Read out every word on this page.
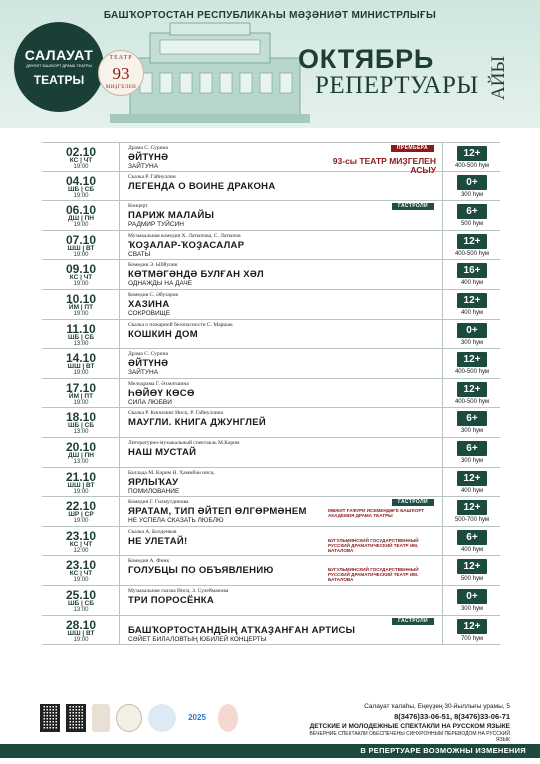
БАШҠОРТОСТАН РЕСПУБЛИКАҺЫ МӘҘӘНИӘТ МИНИСТРЛЫҒЫ
САЛАУАТ
ДӘҮЛӘТ БАШҠОРТ ДРАМА ТЕАТРЫ
ТЕАТРЫ
ТЕАТР
93
МИҘГЕЛЕН
ОКТЯБРЬ
РЕПЕРТУАРЫ АЙЫ
02.10
КС | ЧТ
19:00
Драма С. Сурина
ӘЙТҮНӘ
ЗАЙТУНА
ПРЕМЬЕРА
93-сы ТЕАТР МИҘГЕЛЕН АСЫУ
12+
400-500 һум
04.10
ШБ | СБ
19:00
Сказка Р. Гайнуллин
ЛЕГЕНДА О ВОИНЕ ДРАКОНА	0+
300 һум
06.10
ДШ | ПН
19:00
Концерт
ПАРИЖ МАЛАЙЫ
РАДМИР ТУЙСИН
ГАСТРОЛИ	6+
500 һум
07.10
ШШ | ВТ
19:00
Музыкальная комедия Х. Латыпова, С. Латыпов
ҠОҘАЛАР-ҠОҘАСАЛАР
СВАТЫ
12+
400-500 һум
09.10
КС | ЧТ
19:00
Комедия Э. Ыбйулин
КӨТМӘГӘНДӘ БУЛҒАН ХӘЛ
ОДНАЖДЫ НА ДАЧЕ
16+
400 һум
10.10
ЙМ | ПТ
19:00
Комедия С. Әбузаров
ХАЗИНА
СОКРОВИЩЕ
12+
400 һум
11.10
ШБ | СБ
13:00
Сказка о пожарной безопасности С. Маршак
КОШКИН ДОМ	0+
300 һум
14.10
ШШ | ВТ
19:00
Драма С. Сурина
ӘЙТҮНӘ
ЗАЙТУНА
12+
400-500 һум
17.10
ЙМ | ПТ
19:00
Мелодрама Г. Әхмәтшина
ҺӨЙӨҮ КӨСӨ
СИЛА ЛЮБВИ
12+
400-500 һум
18.10
ШБ | СБ
13:00
Сказка Р. Кипилинг Инсц. Р. Гайнуллина
МАУГЛИ. КНИГА ДЖУНГЛЕЙ	6+
300 һум
20.10
ДШ | ПН
13:00
Литературно-музыкальный спектакль М.Кәрим
НАШ МУСТАЙ	6+
300 һум
21.10
ШШ | ВТ
19:00
Баллада М. Кәрим Н. Хаммбан инсц.
ЯРЛЫҠАУ
ПОМИЛОВАНИЕ
12+
400 һум
22.10
ШР | СР
19:00
Комедия Г. Гилмутдинова
ЯРАТАМ, ТИП ӘЙТЕП ӨЛГӨРМӘНЕМ
НЕ УСПЕЛА СКАЗАТЬ ЛЮБЛЮ
ГАСТРОЛИ
МӘЖИТ ҒАФУРИ ИСЕМЕНДӘГЕ БАШҠОРТ АКАДЕМИЯ ДРАМА ТЕАТРЫ
12+
500-700 һум
23.10
КС | ЧТ
12:00
Сказка А. Болденков
НЕ УЛЕТАЙ!	БУГУЛЬМИНСКИЙ ГОСУДАРСТВЕННЫЙ РУССКИЙ ДРАМАТИЧЕСКИЙ ТЕАТР ИМ. БАТАЛОВА
6+
400 һум
23.10
КС | ЧТ
19:00
Комедия А. Финк
ГОЛУБЦЫ ПО ОБЪЯВЛЕНИЮ	БУГУЛЬМИНСКИЙ ГОСУДАРСТВЕННЫЙ РУССКИЙ ДРАМАТИЧЕСКИЙ ТЕАТР ИМ. БАТАЛОВА
12+
500 һум
25.10
ШБ | СБ
13:00
Музыкальная сказка Инсц. З. Сулейманова
ТРИ ПОРОСЁНКА	0+
300 һум
28.10
ШШ | ВТ
19:00
БАШҠОРТОСТАНДЫҢ АТҠАҘАНҒАН АРТИСЫ
СӘЙЕТ БИЛАЛОВТЫҢ ЮБИЛЕЙ КОНЦЕРТЫ
ГАСТРОЛИ	12+
700 һум
2025
Салауат ҡалаһы, Еңеүҙең 30-йыллығы урамы, 5
8(3476)33-06-51, 8(3476)33-06-71
ДЕТСКИЕ И МОЛОДЕЖНЫЕ СПЕКТАКЛИ НА РУССКОМ ЯЗЫКЕ
ВЕЧЕРНИЕ СПЕКТАКЛИ ОБЕСПЕЧЕНЫ СИНХРОННЫМ ПЕРЕВОДОМ НА РУССКИЙ ЯЗЫК
В РЕПЕРТУАРЕ ВОЗМОЖНЫ ИЗМЕНЕНИЯ
